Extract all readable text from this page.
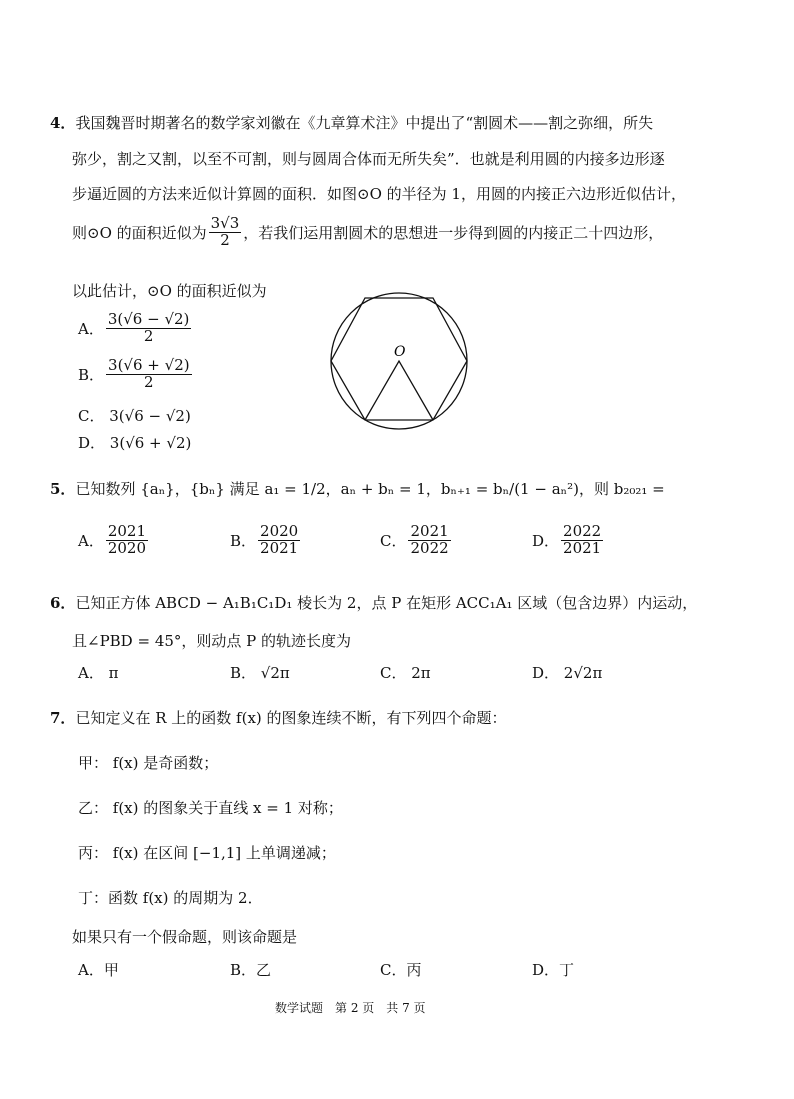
4．我国魏晋时期著名的数学家刘徽在《九章算术注》中提出了“割圆术——割之弥细，所失
弥少，割之又割，以至不可割，则与圆周合体而无所失矣”．也就是利用圆的内接多边形逐
步逼近圆的方法来近似计算圆的面积．如图⊙O 的半径为 1，用圆的内接正六边形近似估计，
则⊙O 的面积近似为 $\frac{3√3}{2}$ ，若我们运用割圆术的思想进一步得到圆的内接正二十四边形，
以此估计，⊙O 的面积近似为
A． $\frac{3(√6 - √2)}{2}$
B． $\frac{3(√6 + √2)}{2}$
C． 3(√6 − √2)
D． 3(√6 + √2)
O
5．已知数列 {aₙ}，{bₙ} 满足 a₁ = 1/2，aₙ + bₙ = 1，bₙ₊₁ = bₙ/(1 − aₙ²)，则 b₂₀₂₁ =
A． $\frac{2021}{2020}$	B． $\frac{2020}{2021}$	C． $\frac{2021}{2022}$	D． $\frac{2022}{2021}$
6．已知正方体 ABCD − A₁B₁C₁D₁ 棱长为 2，点 P 在矩形 ACC₁A₁ 区域（包含边界）内运动，
且∠PBD = 45°，则动点 P 的轨迹长度为
A． π	B． √2π	C． 2π	D． 2√2π
7．已知定义在 R 上的函数 f(x) 的图象连续不断，有下列四个命题：
甲： f(x) 是奇函数；
乙： f(x) 的图象关于直线 x = 1 对称；
丙： f(x) 在区间 [−1,1] 上单调递减；
丁：函数 f(x) 的周期为 2．
如果只有一个假命题，则该命题是
A．甲	B．乙	C．丙	D．丁
数学试题　第 2 页　共 7 页
